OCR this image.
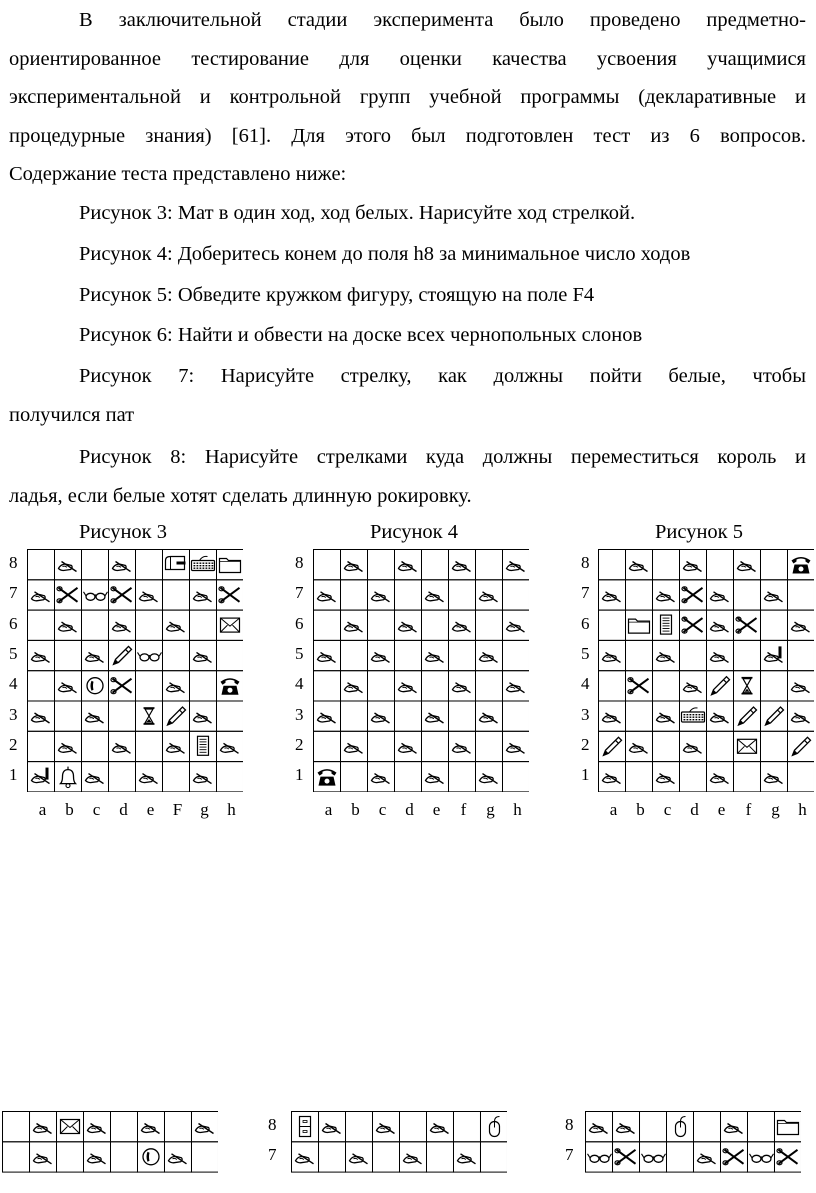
В заключительной стадии эксперимента было проведено предметно-
ориентированное тестирование для оценки качества усвоения учащимися
экспериментальной и контрольной групп учебной программы (декларативные и
процедурные знания) [61]. Для этого был подготовлен тест из 6 вопросов.
Содержание теста представлено ниже:

Рисунок 3: Мат в один ход, ход белых. Нарисуйте ход стрелкой.

Рисунок 4: Доберитесь конем до поля h8 за минимальное число ходов

Рисунок 5: Обведите кружком фигуру, стоящую на поле F4

Рисунок 6: Найти и обвести на доске всех чернопольных слонов

Рисунок 7: Нарисуйте стрелку, как должны пойти белые, чтобы
получился пат

Рисунок 8: Нарисуйте стрелками куда должны переместиться король и
ладья, если белые хотят сделать длинную рокировку.

Рисунок 3
8
7
6
5
4
3
2
1
a	b	c	d	e	F	g	h
Рисунок 4
8
7
6
5
4
3
2
1
a	b	c	d	e	f	g	h
Рисунок 5
8
7
6
5
4
3
2
1
a	b	c	d	e	f	g	h
8
7
8
7
